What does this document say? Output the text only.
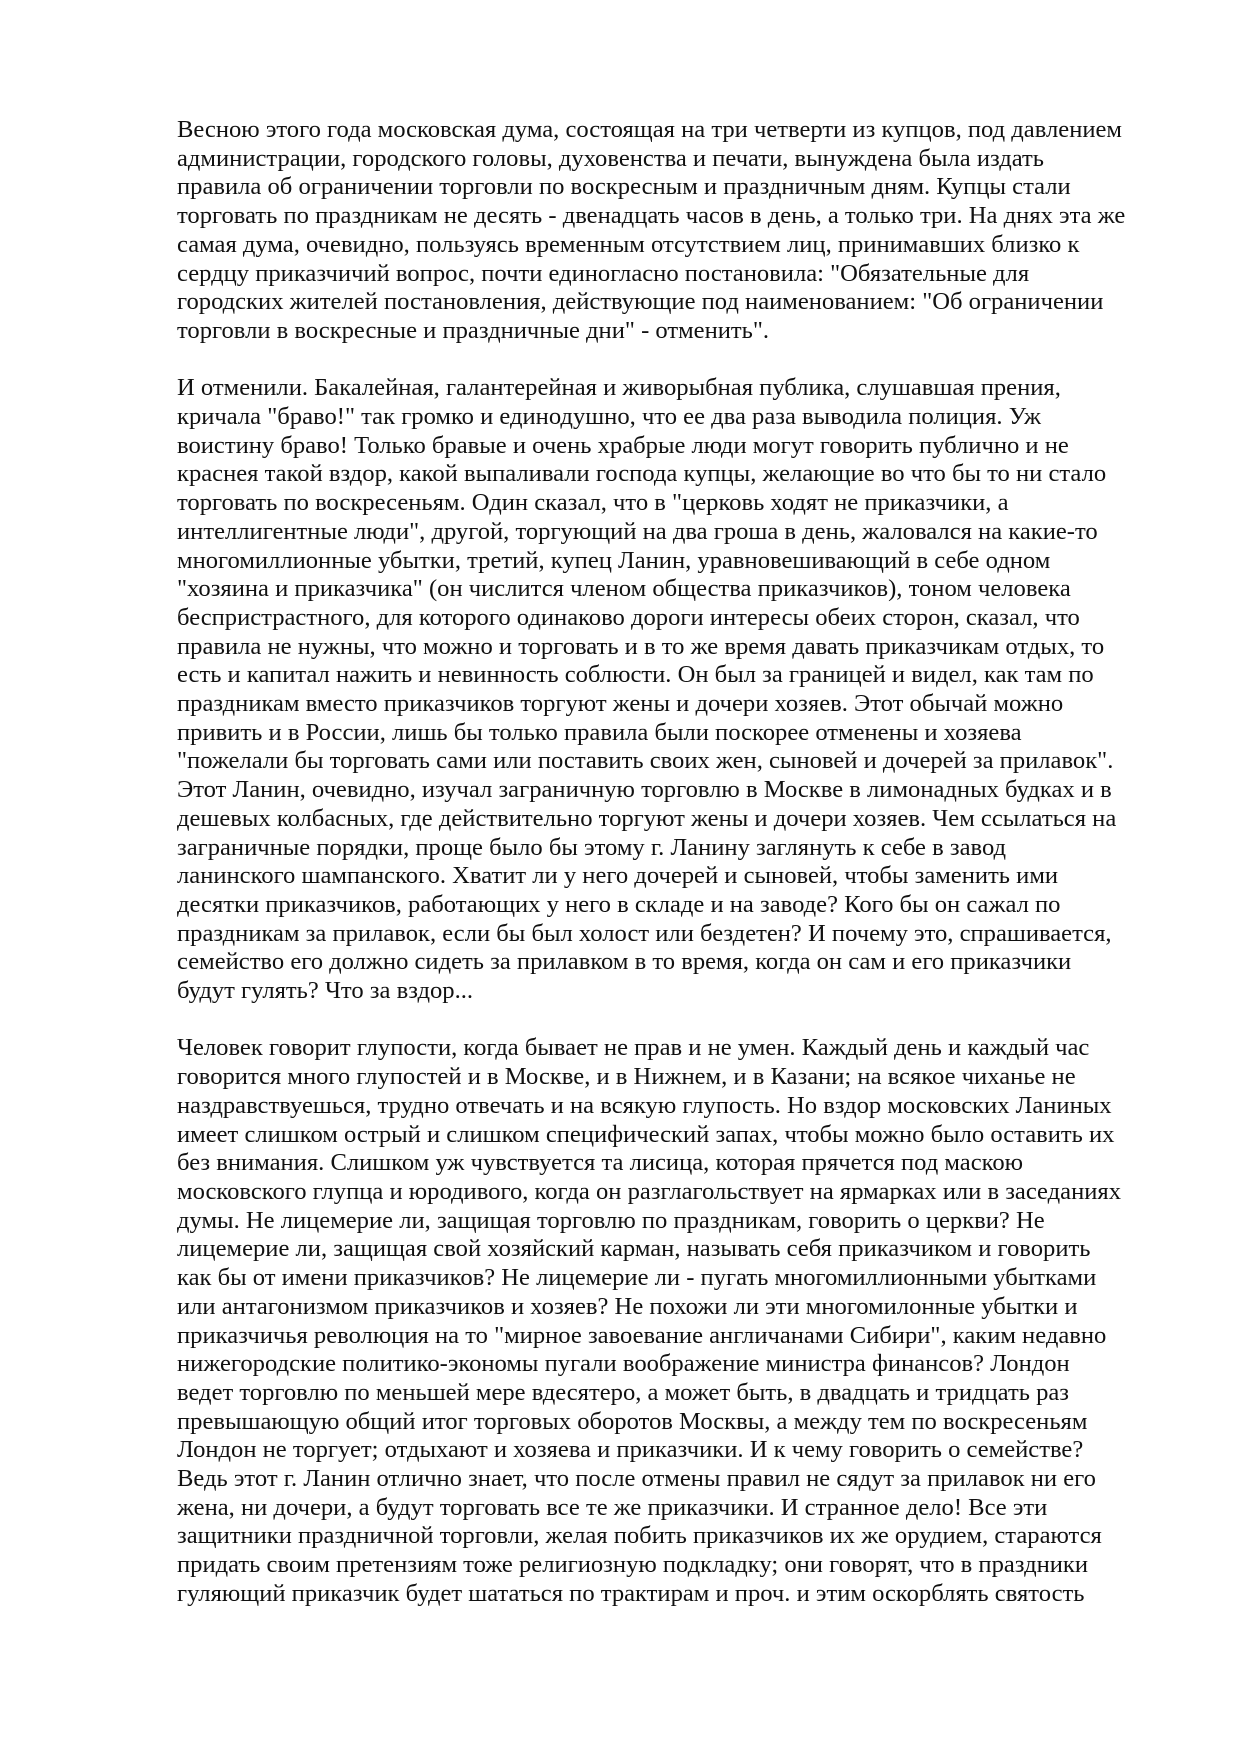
Весною этого года московская дума, состоящая на три четверти из купцов, под давлением
администрации, городского головы, духовенства и печати, вынуждена была издать
правила об ограничении торговли по воскресным и праздничным дням. Купцы стали
торговать по праздникам не десять - двенадцать часов в день, а только три. На днях эта же
самая дума, очевидно, пользуясь временным отсутствием лиц, принимавших близко к
сердцу приказчичий вопрос, почти единогласно постановила: "Обязательные для
городских жителей постановления, действующие под наименованием: "Об ограничении
торговли в воскресные и праздничные дни" - отменить".

И отменили. Бакалейная, галантерейная и живорыбная публика, слушавшая прения,
кричала "браво!" так громко и единодушно, что ее два раза выводила полиция. Уж
воистину браво! Только бравые и очень храбрые люди могут говорить публично и не
краснея такой вздор, какой выпаливали господа купцы, желающие во что бы то ни стало
торговать по воскресеньям. Один сказал, что в "церковь ходят не приказчики, а
интеллигентные люди", другой, торгующий на два гроша в день, жаловался на какие-то
многомиллионные убытки, третий, купец Ланин, уравновешивающий в себе одном
"хозяина и приказчика" (он числится членом общества приказчиков), тоном человека
беспристрастного, для которого одинаково дороги интересы обеих сторон, сказал, что
правила не нужны, что можно и торговать и в то же время давать приказчикам отдых, то
есть и капитал нажить и невинность соблюсти. Он был за границей и видел, как там по
праздникам вместо приказчиков торгуют жены и дочери хозяев. Этот обычай можно
привить и в России, лишь бы только правила были поскорее отменены и хозяева
"пожелали бы торговать сами или поставить своих жен, сыновей и дочерей за прилавок".
Этот Ланин, очевидно, изучал заграничную торговлю в Москве в лимонадных будках и в
дешевых колбасных, где действительно торгуют жены и дочери хозяев. Чем ссылаться на
заграничные порядки, проще было бы этому г. Ланину заглянуть к себе в завод
ланинского шампанского. Хватит ли у него дочерей и сыновей, чтобы заменить ими
десятки приказчиков, работающих у него в складе и на заводе? Кого бы он сажал по
праздникам за прилавок, если бы был холост или бездетен? И почему это, спрашивается,
семейство его должно сидеть за прилавком в то время, когда он сам и его приказчики
будут гулять? Что за вздор...

Человек говорит глупости, когда бывает не прав и не умен. Каждый день и каждый час
говорится много глупостей и в Москве, и в Нижнем, и в Казани; на всякое чиханье не
наздравствуешься, трудно отвечать и на всякую глупость. Но вздор московских Ланиных
имеет слишком острый и слишком специфический запах, чтобы можно было оставить их
без внимания. Слишком уж чувствуется та лисица, которая прячется под маскою
московского глупца и юродивого, когда он разглагольствует на ярмарках или в заседаниях
думы. Не лицемерие ли, защищая торговлю по праздникам, говорить о церкви? Не
лицемерие ли, защищая свой хозяйский карман, называть себя приказчиком и говорить
как бы от имени приказчиков? Не лицемерие ли - пугать многомиллионными убытками
или антагонизмом приказчиков и хозяев? Не похожи ли эти многомилонные убытки и
приказчичья революция на то "мирное завоевание англичанами Сибири", каким недавно
нижегородские политико-экономы пугали воображение министра финансов? Лондон
ведет торговлю по меньшей мере вдесятеро, а может быть, в двадцать и тридцать раз
превышающую общий итог торговых оборотов Москвы, а между тем по воскресеньям
Лондон не торгует; отдыхают и хозяева и приказчики. И к чему говорить о семействе?
Ведь этот г. Ланин отлично знает, что после отмены правил не сядут за прилавок ни его
жена, ни дочери, а будут торговать все те же приказчики. И странное дело! Все эти
защитники праздничной торговли, желая побить приказчиков их же орудием, стараются
придать своим претензиям тоже религиозную подкладку; они говорят, что в праздники
гуляющий приказчик будет шататься по трактирам и проч. и этим оскорблять святость
